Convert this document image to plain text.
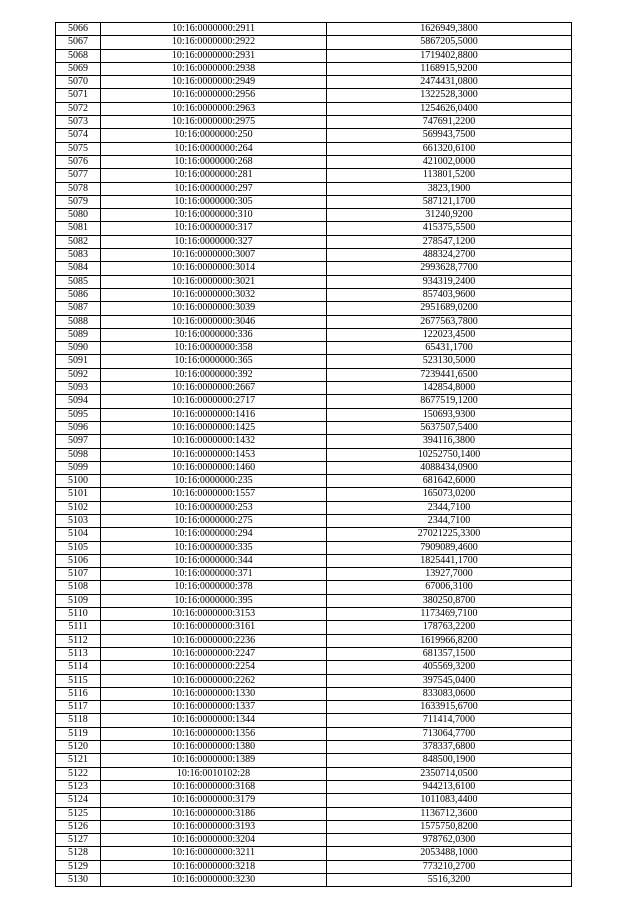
5066	10:16:0000000:2911	1626949,3800
5067	10:16:0000000:2922	5867205,5000
5068	10:16:0000000:2931	1719402,8800
5069	10:16:0000000:2938	1168915,9200
5070	10:16:0000000:2949	2474431,0800
5071	10:16:0000000:2956	1322528,3000
5072	10:16:0000000:2963	1254626,0400
5073	10:16:0000000:2975	747691,2200
5074	10:16:0000000:250	569943,7500
5075	10:16:0000000:264	661320,6100
5076	10:16:0000000:268	421002,0000
5077	10:16:0000000:281	113801,5200
5078	10:16:0000000:297	3823,1900
5079	10:16:0000000:305	587121,1700
5080	10:16:0000000:310	31240,9200
5081	10:16:0000000:317	415375,5500
5082	10:16:0000000:327	278547,1200
5083	10:16:0000000:3007	488324,2700
5084	10:16:0000000:3014	2993628,7700
5085	10:16:0000000:3021	934319,2400
5086	10:16:0000000:3032	857403,9600
5087	10:16:0000000:3039	2951689,0200
5088	10:16:0000000:3046	2677563,7800
5089	10:16:0000000:336	122023,4500
5090	10:16:0000000:358	65431,1700
5091	10:16:0000000:365	523130,5000
5092	10:16:0000000:392	7239441,6500
5093	10:16:0000000:2667	142854,8000
5094	10:16:0000000:2717	8677519,1200
5095	10:16:0000000:1416	150693,9300
5096	10:16:0000000:1425	5637507,5400
5097	10:16:0000000:1432	394116,3800
5098	10:16:0000000:1453	10252750,1400
5099	10:16:0000000:1460	4088434,0900
5100	10:16:0000000:235	681642,6000
5101	10:16:0000000:1557	165073,0200
5102	10:16:0000000:253	2344,7100
5103	10:16:0000000:275	2344,7100
5104	10:16:0000000:294	27021225,3300
5105	10:16:0000000:335	7909089,4600
5106	10:16:0000000:344	1825441,1700
5107	10:16:0000000:371	13927,7000
5108	10:16:0000000:378	67006,3100
5109	10:16:0000000:395	380250,8700
5110	10:16:0000000:3153	1173469,7100
5111	10:16:0000000:3161	178763,2200
5112	10:16:0000000:2236	1619966,8200
5113	10:16:0000000:2247	681357,1500
5114	10:16:0000000:2254	405569,3200
5115	10:16:0000000:2262	397545,0400
5116	10:16:0000000:1330	833083,0600
5117	10:16:0000000:1337	1633915,6700
5118	10:16:0000000:1344	711414,7000
5119	10:16:0000000:1356	713064,7700
5120	10:16:0000000:1380	378337,6800
5121	10:16:0000000:1389	848500,1900
5122	10:16:0010102:28	2350714,0500
5123	10:16:0000000:3168	944213,6100
5124	10:16:0000000:3179	1011083,4400
5125	10:16:0000000:3186	1136712,3600
5126	10:16:0000000:3193	1575750,8200
5127	10:16:0000000:3204	978762,0300
5128	10:16:0000000:3211	2053488,1000
5129	10:16:0000000:3218	773210,2700
5130	10:16:0000000:3230	5516,3200
